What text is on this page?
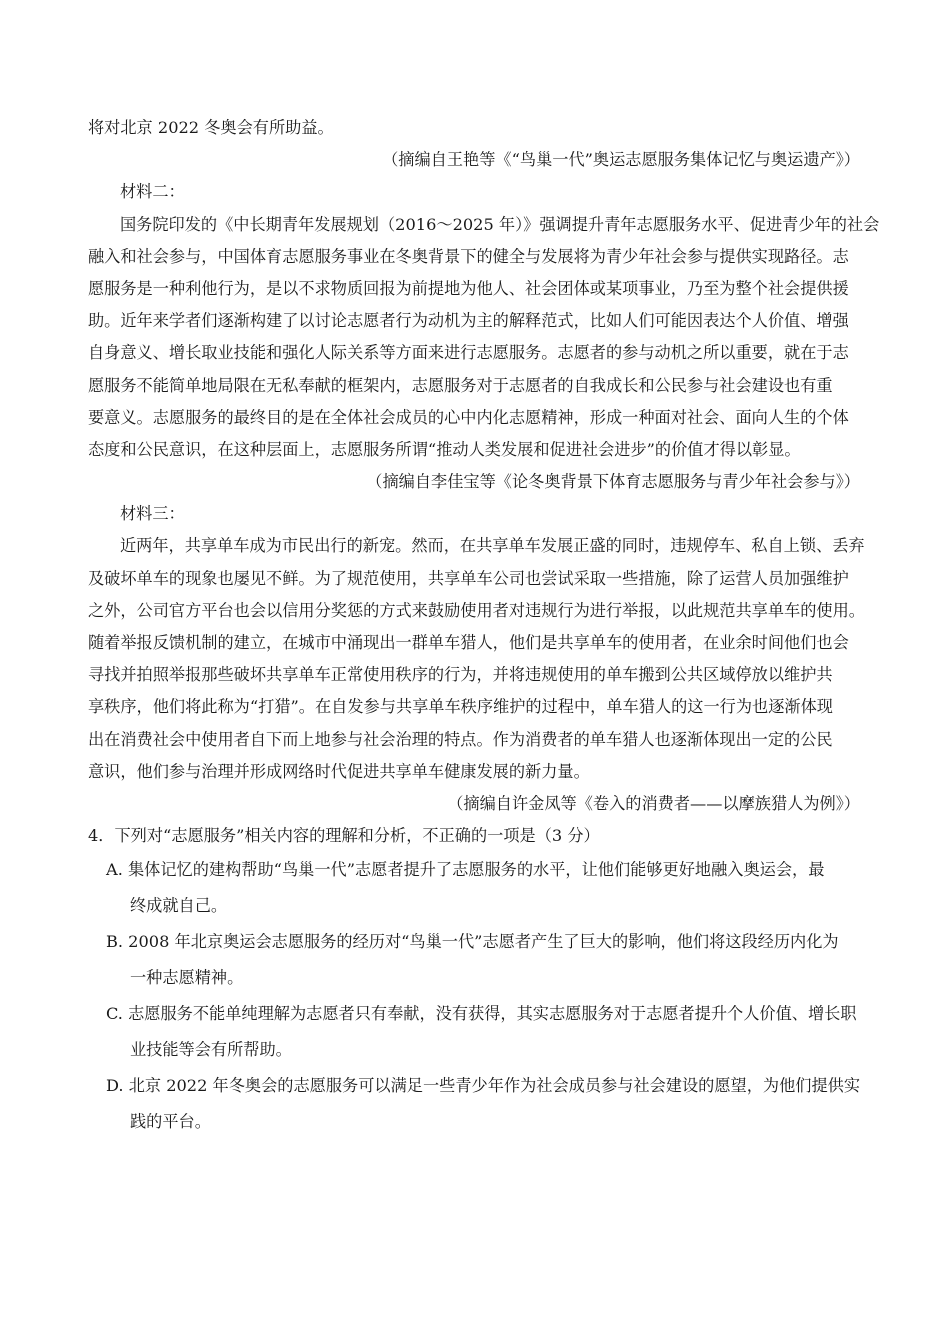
将对北京 2022 冬奥会有所助益。
（摘编自王艳等《“鸟巢一代”奥运志愿服务集体记忆与奥运遗产》）
材料二：
国务院印发的《中长期青年发展规划（2016～2025 年）》强调提升青年志愿服务水平、促进青少年的社会
融入和社会参与，中国体育志愿服务事业在冬奥背景下的健全与发展将为青少年社会参与提供实现路径。志
愿服务是一种利他行为，是以不求物质回报为前提地为他人、社会团体或某项事业，乃至为整个社会提供援
助。近年来学者们逐渐构建了以讨论志愿者行为动机为主的解释范式，比如人们可能因表达个人价值、增强
自身意义、增长取业技能和强化人际关系等方面来进行志愿服务。志愿者的参与动机之所以重要，就在于志
愿服务不能简单地局限在无私奉献的框架内，志愿服务对于志愿者的自我成长和公民参与社会建设也有重
要意义。志愿服务的最终目的是在全体社会成员的心中内化志愿精神，形成一种面对社会、面向人生的个体
态度和公民意识，在这种层面上，志愿服务所谓“推动人类发展和促进社会进步”的价值才得以彰显。
（摘编自李佳宝等《论冬奥背景下体育志愿服务与青少年社会参与》）
材料三：
近两年，共享单车成为市民出行的新宠。然而，在共享单车发展正盛的同时，违规停车、私自上锁、丢弃
及破坏单车的现象也屡见不鲜。为了规范使用，共享单车公司也尝试采取一些措施，除了运营人员加强维护
之外，公司官方平台也会以信用分奖惩的方式来鼓励使用者对违规行为进行举报，以此规范共享单车的使用。
随着举报反馈机制的建立，在城市中涌现出一群单车猎人，他们是共享单车的使用者，在业余时间他们也会
寻找并拍照举报那些破坏共享单车正常使用秩序的行为，并将违规使用的单车搬到公共区域停放以维护共
享秩序，他们将此称为“打猎”。在自发参与共享单车秩序维护的过程中，单车猎人的这一行为也逐渐体现
出在消费社会中使用者自下而上地参与社会治理的特点。作为消费者的单车猎人也逐渐体现出一定的公民
意识，他们参与治理并形成网络时代促进共享单车健康发展的新力量。
（摘编自许金凤等《卷入的消费者——以摩族猎人为例》）
4．下列对“志愿服务”相关内容的理解和分析，不正确的一项是（3 分）
A. 集体记忆的建构帮助“鸟巢一代”志愿者提升了志愿服务的水平，让他们能够更好地融入奥运会，最
终成就自己。
B. 2008 年北京奥运会志愿服务的经历对“鸟巢一代”志愿者产生了巨大的影响，他们将这段经历内化为
一种志愿精神。
C. 志愿服务不能单纯理解为志愿者只有奉献，没有获得，其实志愿服务对于志愿者提升个人价值、增长职
业技能等会有所帮助。
D. 北京 2022 年冬奥会的志愿服务可以满足一些青少年作为社会成员参与社会建设的愿望，为他们提供实
践的平台。
